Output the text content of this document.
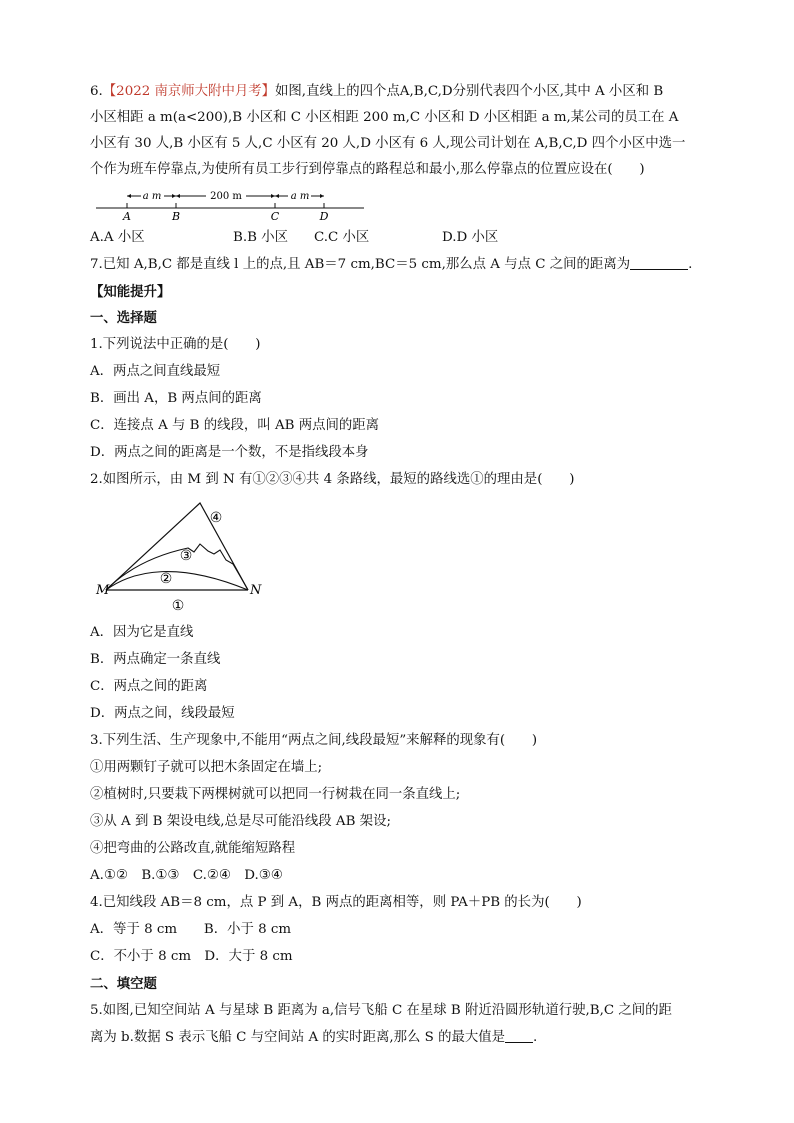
6.【2022 南京师大附中月考】如图,直线上的四个点A,B,C,D分别代表四个小区,其中 A 小区和 B
小区相距 a m(a<200),B 小区和 C 小区相距 200 m,C 小区和 D 小区相距 a m,某公司的员工在 A
小区有 30 人,B 小区有 5 人,C 小区有 20 人,D 小区有 6 人,现公司计划在 A,B,C,D 四个小区中选一
个作为班车停靠点,为使所有员工步行到停靠点的路程总和最小,那么停靠点的位置应设在(　　)
a m	200 m	a m
A	B	C	D
A.A 小区	B.B 小区 C.C 小区	D.D 小区
7.已知 A,B,C 都是直线 l 上的点,且 AB＝7 cm,BC＝5 cm,那么点 A 与点 C 之间的距离为	.
【知能提升】
一、选择题
1.下列说法中正确的是(　　)
A．两点之间直线最短
B．画出 A，B 两点间的距离
C．连接点 A 与 B 的线段，叫 AB 两点间的距离
D．两点之间的距离是一个数，不是指线段本身
2.如图所示，由 M 到 N 有①②③④共 4 条路线，最短的路线选①的理由是(　　)
M	N
①
②
③
④
A．因为它是直线
B．两点确定一条直线
C．两点之间的距离
D．两点之间，线段最短
3.下列生活、生产现象中,不能用“两点之间,线段最短”来解释的现象有(　　)
①用两颗钉子就可以把木条固定在墙上;
②植树时,只要栽下两棵树就可以把同一行树栽在同一条直线上;
③从 A 到 B 架设电线,总是尽可能沿线段 AB 架设;
④把弯曲的公路改直,就能缩短路程
A.①②　B.①③　C.②④　D.③④
4.已知线段 AB＝8 cm，点 P 到 A，B 两点的距离相等，则 PA＋PB 的长为(　　)
A．等于 8 cm　　B．小于 8 cm
C．不小于 8 cm　D．大于 8 cm
二、填空题
5.如图,已知空间站 A 与星球 B 距离为 a,信号飞船 C 在星球 B 附近沿圆形轨道行驶,B,C 之间的距
离为 b.数据 S 表示飞船 C 与空间站 A 的实时距离,那么 S 的最大值是 .
